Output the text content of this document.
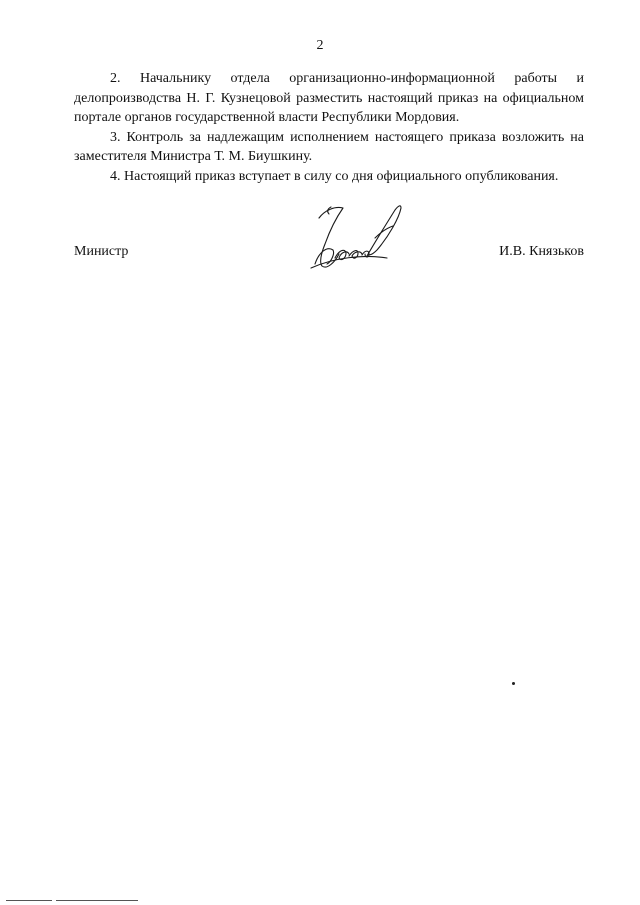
2

2. Начальнику отдела организационно-информационной работы и делопроизводства Н. Г. Кузнецовой разместить настоящий приказ на официальном портале органов государственной власти Республики Мордовия.

3. Контроль за надлежащим исполнением настоящего приказа возложить на заместителя Министра Т. М. Биушкину.

4. Настоящий приказ вступает в силу со дня официального опубликования.

Министр	И.В. Князьков
